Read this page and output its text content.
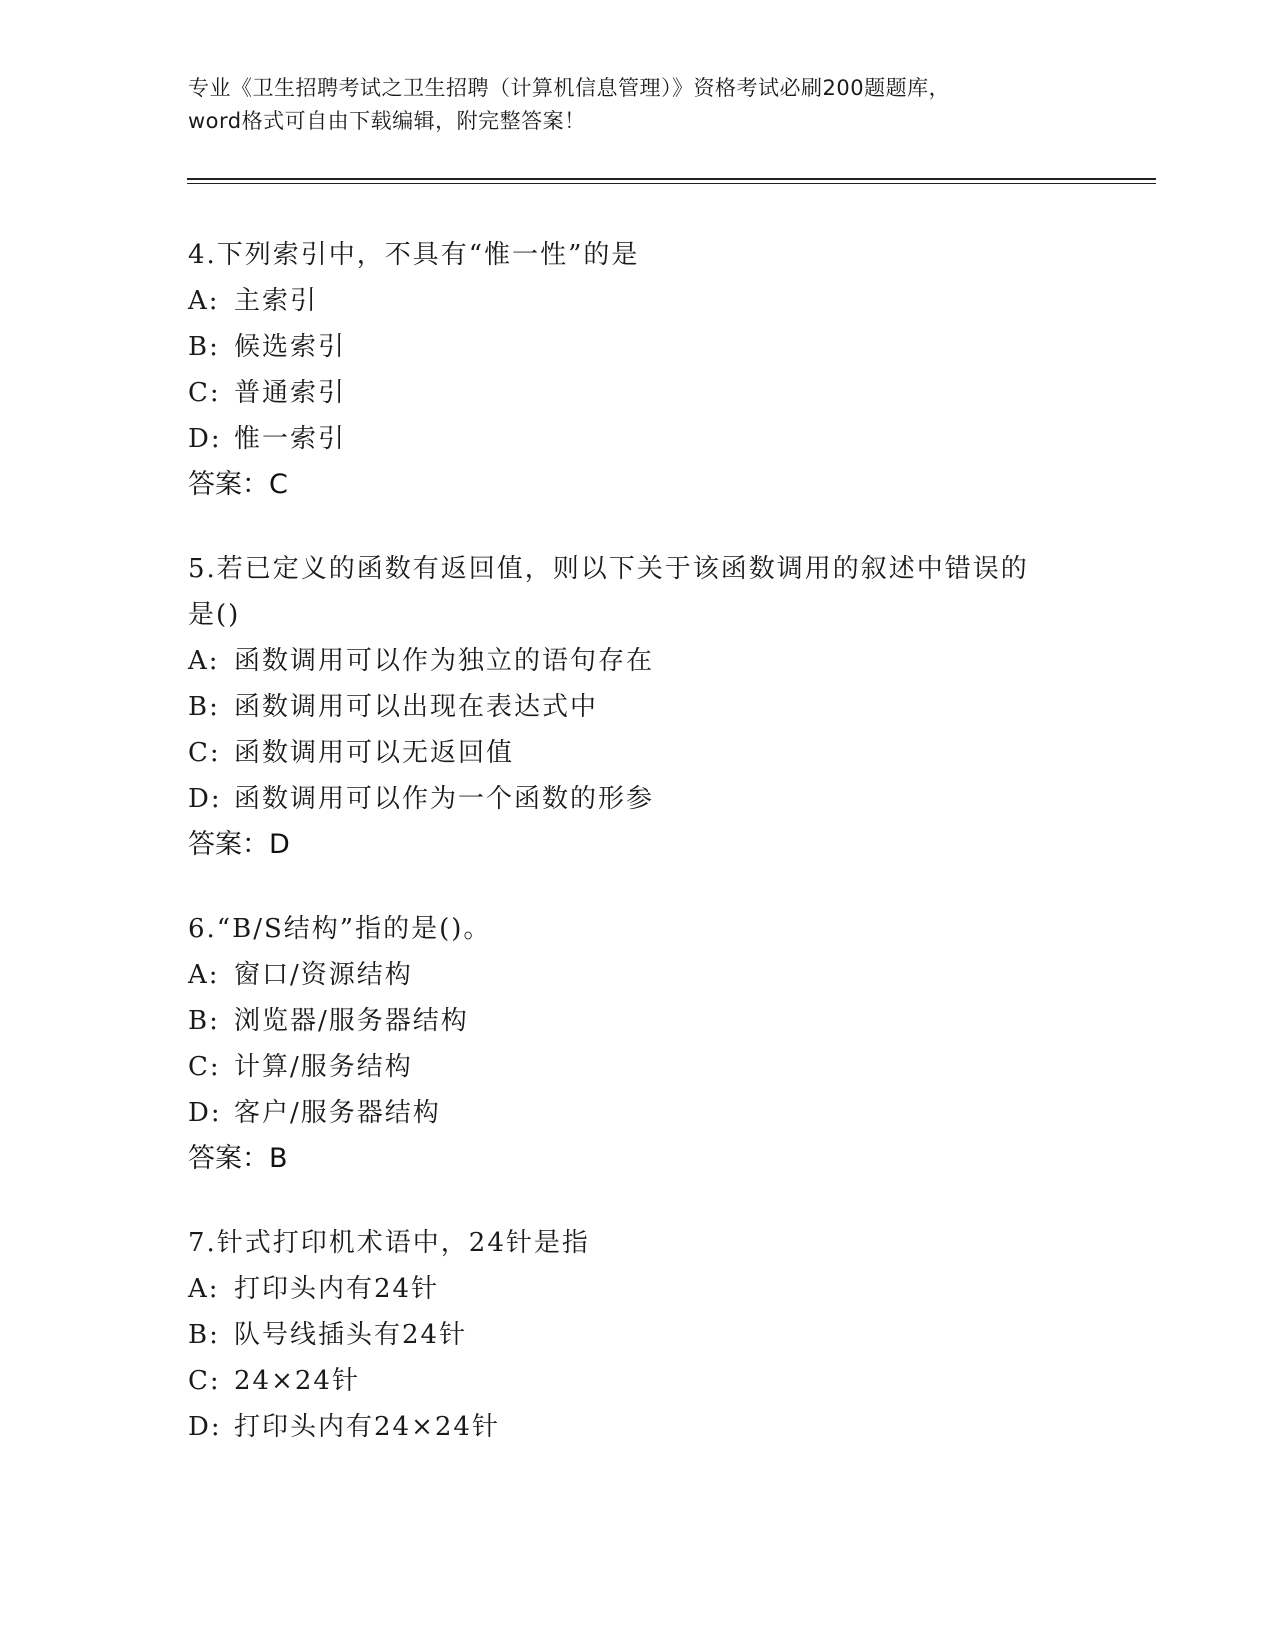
专业《卫生招聘考试之卫生招聘（计算机信息管理）》资格考试必刷200题题库，
word格式可自由下载编辑，附完整答案！
4.下列索引中，不具有“惟一性”的是
A: 主索引
B: 候选索引
C: 普通索引
D: 惟一索引
答案：C
5.若已定义的函数有返回值，则以下关于该函数调用的叙述中错误的
是()
A: 函数调用可以作为独立的语句存在
B: 函数调用可以出现在表达式中
C: 函数调用可以无返回值
D: 函数调用可以作为一个函数的形参
答案：D
6.“B/S结构”指的是()。
A: 窗口/资源结构
B: 浏览器/服务器结构
C: 计算/服务结构
D: 客户/服务器结构
答案：B
7.针式打印机术语中，24针是指
A: 打印头内有24针
B: 队号线插头有24针
C: 24×24针
D: 打印头内有24×24针
